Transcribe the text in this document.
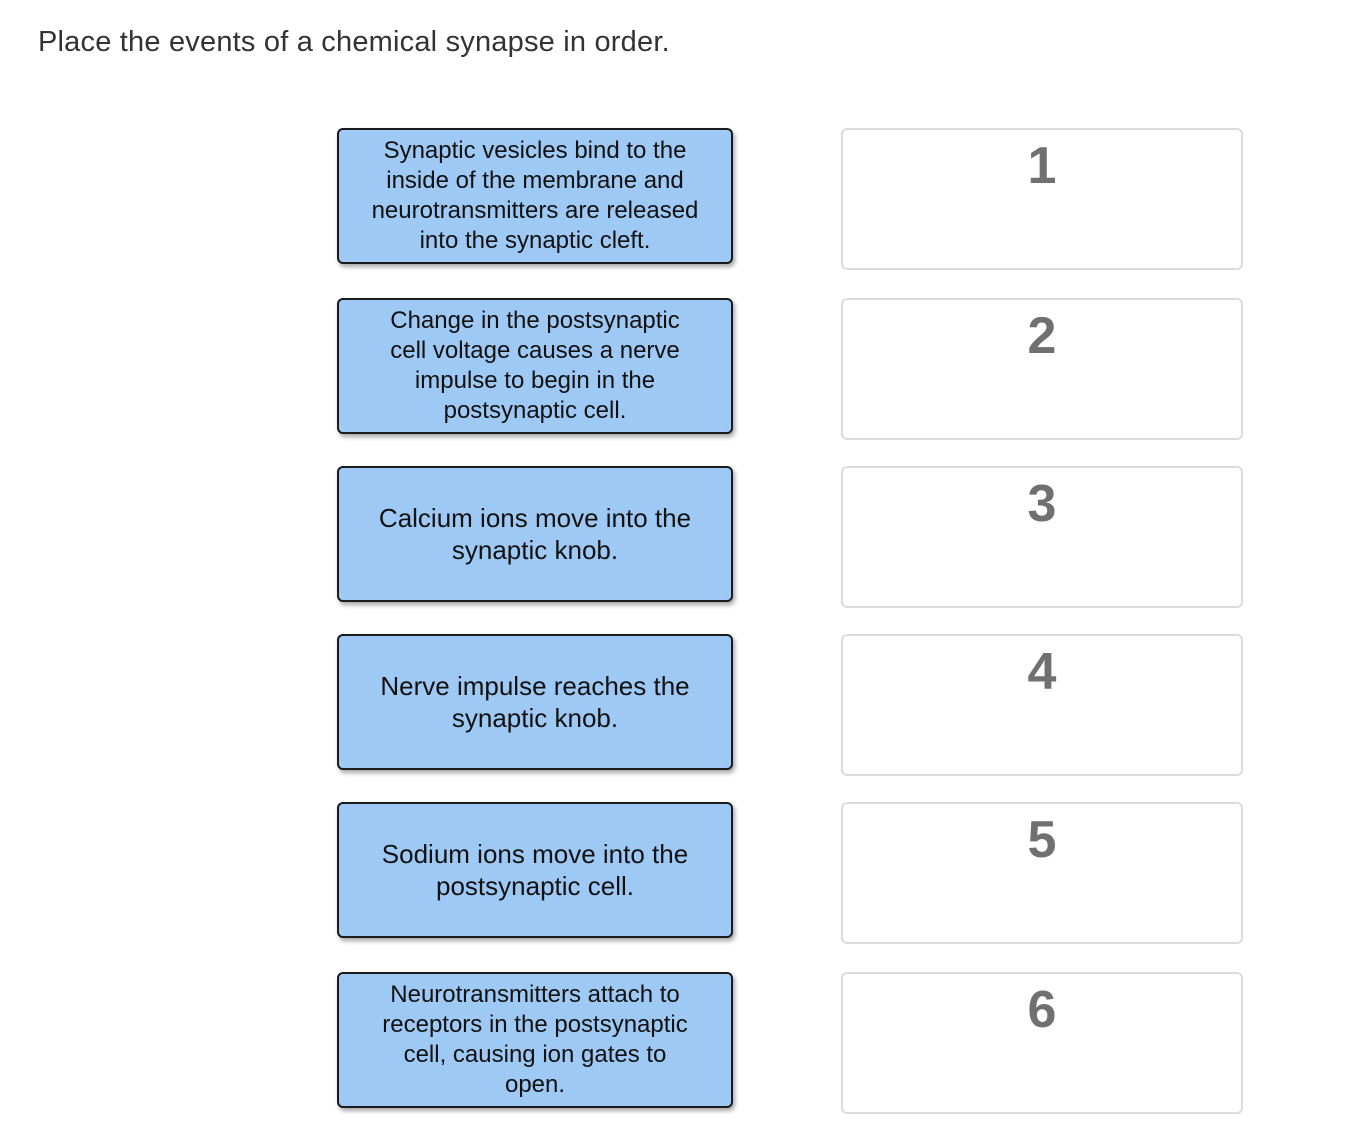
Place the events of a chemical synapse in order.
Synaptic vesicles bind to the inside of the membrane and neurotransmitters are released into the synaptic cleft.
Change in the postsynaptic cell voltage causes a nerve impulse to begin in the postsynaptic cell.
Calcium ions move into the synaptic knob.
Nerve impulse reaches the synaptic knob.
Sodium ions move into the postsynaptic cell.
Neurotransmitters attach to receptors in the postsynaptic cell, causing ion gates to open.
1
2
3
4
5
6
